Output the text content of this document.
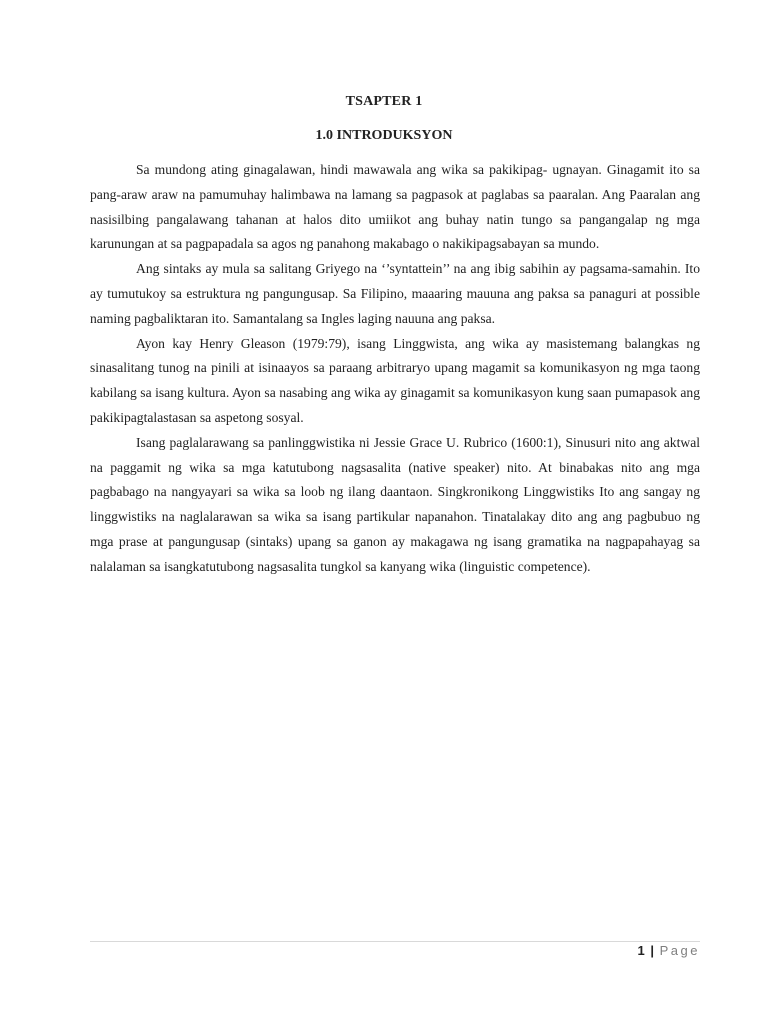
TSAPTER 1
1.0 INTRODUKSYON

Sa mundong ating ginagalawan, hindi mawawala ang wika sa pakikipag- ugnayan. Ginagamit ito sa pang-araw araw na pamumuhay halimbawa na lamang sa pagpasok at paglabas sa paaralan. Ang Paaralan ang nasisilbing pangalawang tahanan at halos dito umiikot ang buhay natin tungo sa pangangalap ng mga karunungan at sa pagpapadala sa agos ng panahong makabago o nakikipagsabayan sa mundo.

Ang sintaks ay mula sa salitang Griyego na ‘’syntattein’’ na ang ibig sabihin ay pagsama-samahin. Ito ay tumutukoy sa estruktura ng pangungusap. Sa Filipino, maaaring mauuna ang paksa sa panaguri at possible naming pagbaliktaran ito. Samantalang sa Ingles laging nauuna ang paksa.

Ayon kay Henry Gleason (1979:79), isang Linggwista, ang wika ay masistemang balangkas ng sinasalitang tunog na pinili at isinaayos sa paraang arbitraryo upang magamit sa komunikasyon ng mga taong kabilang sa isang kultura. Ayon sa nasabing ang wika ay ginagamit sa komunikasyon kung saan pumapasok ang pakikipagtalastasan sa aspetong sosyal.

Isang paglalarawang sa panlinggwistika ni Jessie Grace U. Rubrico (1600:1), Sinusuri nito ang aktwal na paggamit ng wika sa mga katutubong nagsasalita (native speaker) nito. At binabakas nito ang mga pagbabago na nangyayari sa wika sa loob ng ilang daantaon. Singkronikong Linggwistiks Ito ang sangay ng linggwistiks na naglalarawan sa wika sa isang partikular napanahon. Tinatalakay dito ang ang pagbubuo ng mga prase at pangungusap (sintaks) upang sa ganon ay makagawa ng isang gramatika na nagpapahayag sa nalalaman sa isangkatutubong nagsasalita tungkol sa kanyang wika (linguistic competence).

1 | Page
